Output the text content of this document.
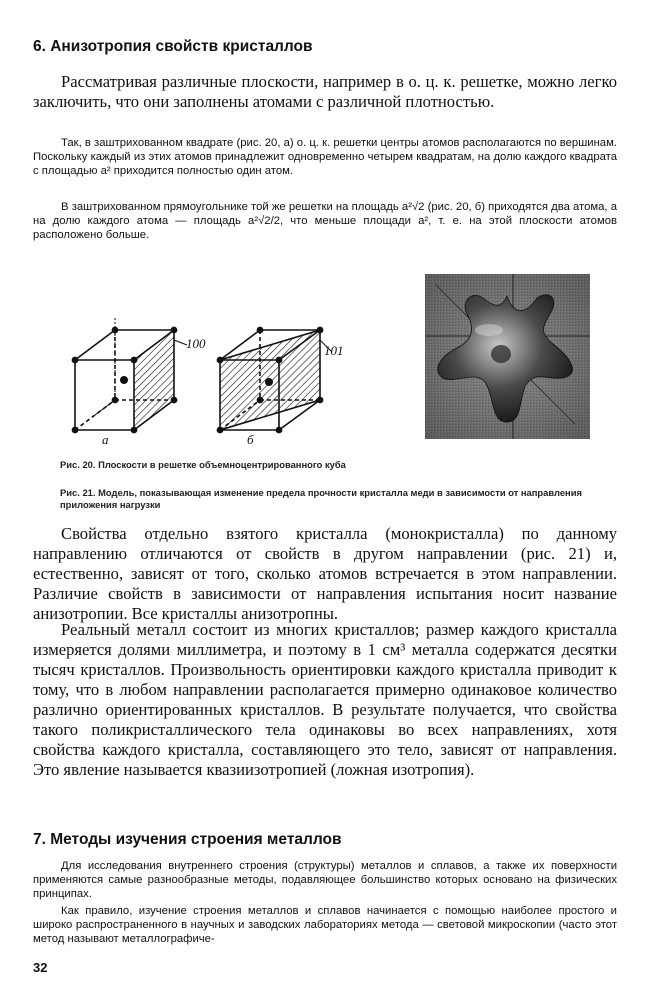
6. Анизотропия свойств кристаллов

Рассматривая различные плоскости, например в о. ц. к. решетке, можно легко заключить, что они заполнены атомами с различной плотностью.

Так, в заштрихованном квадрате (рис. 20, а) о. ц. к. решетки центры атомов располагаются по вершинам. Поскольку каждый из этих атомов принадлежит одновременно четырем квадратам, на долю каждого квадрата с площадью a² приходится полностью один атом.

В заштрихованном прямоугольнике той же решетки на площадь a²√2 (рис. 20, б) приходятся два атома, а на долю каждого атома — площадь a²√2/2, что меньше площади a², т. е. на этой плоскости атомов расположено больше.

100
а
101
б

Рис. 20. Плоскости в решетке объемноцентрированного куба

Рис. 21. Модель, показывающая изменение предела прочности кристалла меди в зависимости от направления приложения нагрузки

Свойства отдельно взятого кристалла (монокристалла) по данному направлению отличаются от свойств в другом направлении (рис. 21) и, естественно, зависят от того, сколько атомов встречается в этом направлении. Различие свойств в зависимости от направления испытания носит название анизотропии. Все кристаллы анизотропны.

Реальный металл состоит из многих кристаллов; размер каждого кристалла измеряется долями миллиметра, и поэтому в 1 см³ металла содержатся десятки тысяч кристаллов. Произвольность ориентировки каждого кристалла приводит к тому, что в любом направлении располагается примерно одинаковое количество различно ориентированных кристаллов. В результате получается, что свойства такого поликристаллического тела одинаковы во всех направлениях, хотя свойства каждого кристалла, составляющего это тело, зависят от направления. Это явление называется квазиизотропией (ложная изотропия).

7. Методы изучения строения металлов

Для исследования внутреннего строения (структуры) металлов и сплавов, а также их поверхности применяются самые разнообразные методы, подавляющее большинство которых основано на физических принципах.

Как правило, изучение строения металлов и сплавов начинается с помощью наиболее простого и широко распространенного в научных и заводских лабораториях метода — световой микроскопии (часто этот метод называют металлографиче-

32
